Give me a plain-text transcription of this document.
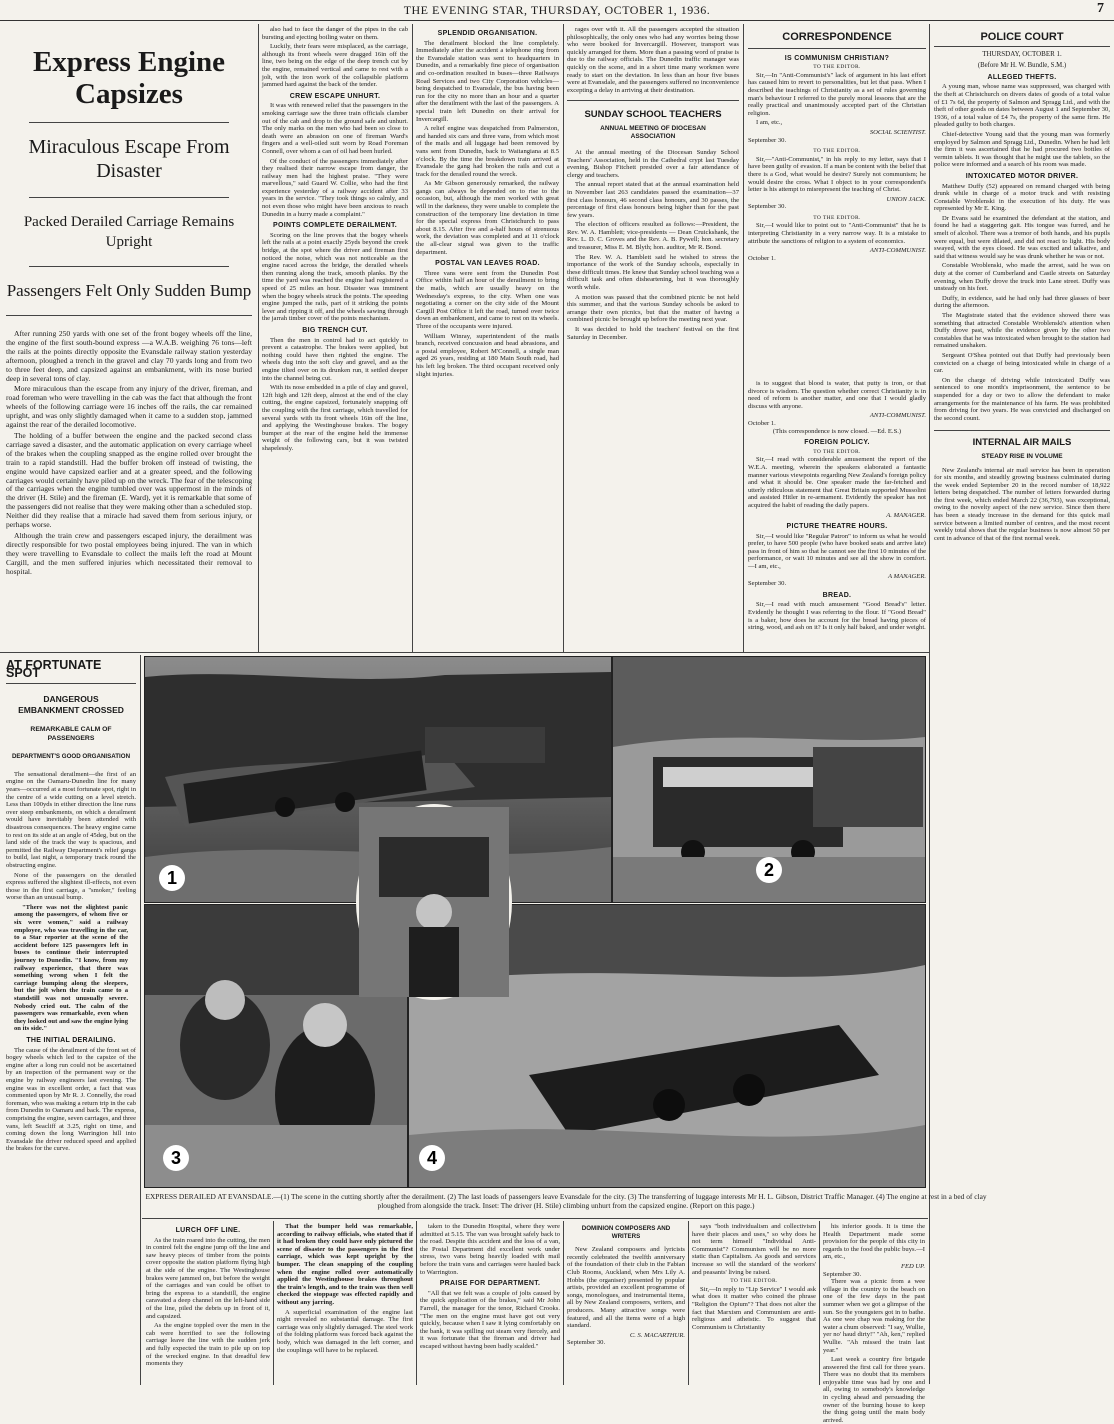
THE EVENING STAR, THURSDAY, OCTOBER 1, 1936.	7
Express Engine Capsizes
Miraculous Escape From Disaster
Packed Derailed Carriage Remains Upright
Passengers Felt Only Sudden Bump

After running 250 yards with one set of the front bogey wheels off the line, the engine of the first south-bound express —a W.A.B. weighing 76 tons—left the rails at the points directly opposite the Evansdale railway station yesterday afternoon, ploughed a trench in the gravel and clay 70 yards long and from two to three feet deep, and capsized against an embankment, with its nose buried deep in several tons of clay.

More miraculous than the escape from any injury of the driver, fireman, and road foreman who were travelling in the cab was the fact that although the front wheels of the following carriage were 16 inches off the rails, the car remained upright, and was only slightly damaged when it came to a sudden stop, jammed against the rear of the derailed locomotive.

The holding of a buffer between the engine and the packed second class carriage saved a disaster, and the automatic application on every carriage wheel of the brakes when the coupling snapped as the engine rolled over brought the train to a rapid standstill. Had the buffer broken off instead of twisting, the engine would have capsized earlier and at a greater speed, and the following carriages would certainly have piled up on the wreck. The fear of the telescoping of the carriages when the engine tumbled over was uppermost in the minds of the driver (H. Stile) and the fireman (E. Ward), yet it is remarkable that some of the passengers did not realise that they were making other than a scheduled stop. Neither did they realise that a miracle had saved them from serious injury, or perhaps worse.

Although the train crew and passengers escaped injury, the derailment was directly responsible for two postal employees being injured. The van in which they were travelling to Evansdale to collect the mails left the road at Mount Cargill, and the men suffered injuries which necessitated their removal to hospital.

also had to face the danger of the pipes in the cab bursting and ejecting boiling water on them.

Luckily, their fears were misplaced, as the carriage, although its front wheels were dragged 16in off the line, two being on the edge of the deep trench cut by the engine, remained vertical and came to rest with a jolt, with the iron work of the collapsible platform jammed hard against the back of the tender.

CREW ESCAPE UNHURT.

It was with renewed relief that the passengers in the smoking carriage saw the three train officials clamber out of the cab and drop to the ground safe and unhurt. The only marks on the men who had been so close to death were an abrasion on one of fireman Ward's fingers and a well-oiled suit worn by Road Foreman Connell, over whom a can of oil had been hurled.

Of the conduct of the passengers immediately after they realised their narrow escape from danger, the railway men had the highest praise. "They were marvellous," said Guard W. Collie, who had the first experience yesterday of a railway accident after 33 years in the service. "They took things so calmly, and not even those who might have been anxious to reach Dunedin in a hurry made a complaint."

POINTS COMPLETE DERAILMENT.

Scoring on the line proves that the bogey wheels left the rails at a point exactly 25yds beyond the creek bridge, at the spot where the driver and fireman first noticed the noise, which was not noticeable as the engine raced across the bridge, the derailed wheels then running along the track, smooth planks. By the time the yard was reached the engine had registered a speed of 25 miles an hour. Disaster was imminent when the bogey wheels struck the points. The speeding engine jumped the rails, part of it striking the points lever and ripping it off, and the wheels sawing through the jarrah timber cover of the points mechanism.

BIG TRENCH CUT.

Then the men in control had to act quickly to prevent a catastrophe. The brakes were applied, but nothing could have then righted the engine. The wheels dug into the soft clay and gravel, and as the engine tilted over on its drunken run, it settled deeper into the channel being cut.

With its nose embedded in a pile of clay and gravel, 12ft high and 12ft deep, almost at the end of the clay cutting, the engine capsized, fortunately snapping off the coupling with the first carriage, which travelled for several yards with its front wheels 16in off the line, and applying the Westinghouse brakes. The bogey bumper at the rear of the engine held the immense weight of the following cars, but it was twisted shapelessly.

SPLENDID ORGANISATION.

The derailment blocked the line completely. Immediately after the accident a telephone ring from the Evansdale station was sent to headquarters in Dunedin, and a remarkably fine piece of organisation and co-ordination resulted in buses—three Railways Road Services and two City Corporation vehicles—being despatched to Evansdale, the bus having been run for the city no more than an hour and a quarter after the derailment with the last of the passengers. A special train left Dunedin on their arrival for Invercargill.

A relief engine was despatched from Palmerston, and handed six cars and three vans, from which most of the mails and all luggage had been removed by vans sent from Dunedin, back to Waitangiana at 8.5 o'clock. By the time the breakdown train arrived at Evansdale the gang had broken the rails and cut a track for the derailed round the wreck.

As Mr Gibson generously remarked, the railway gangs can always be depended on to rise to the occasion, but, although the men worked with great will in the darkness, they were unable to complete the construction of the temporary line deviation in time for the special express from Christchurch to pass about 8.15. After five and a-half hours of strenuous work, the deviation was completed and at 11 o'clock the all-clear signal was given to the traffic department.

POSTAL VAN LEAVES ROAD.

Three vans were sent from the Dunedin Post Office within half an hour of the derailment to bring the mails, which are usually heavy on the Wednesday's express, to the city. When one was negotiating a corner on the city side of the Mount Cargill Post Office it left the road, turned over twice down an embankment, and came to rest on its wheels. Three of the occupants were injured.

William Winray, superintendent of the mails branch, received concussion and head abrasions, and a postal employee, Robert M'Connell, a single man aged 26 years, residing at 180 Main South road, had his left leg broken. The third occupant received only slight injuries.

rages over with it. All the passengers accepted the situation philosophically, the only ones who had any worries being those who were booked for Invercargill. However, transport was quickly arranged for them. More than a passing word of praise is due to the railway officials. The Dunedin traffic manager was quickly on the scene, and in a short time many workmen were ready to start on the deviation. In less than an hour five buses were at Evansdale, and the passengers suffered no inconvenience excepting a delay in arriving at their destination.

SUNDAY SCHOOL TEACHERS
ANNUAL MEETING OF DIOCESAN ASSOCIATION

At the annual meeting of the Diocesan Sunday School Teachers' Association, held in the Cathedral crypt last Tuesday evening, Bishop Fitchett presided over a fair attendance of clergy and teachers.

The annual report stated that at the annual examination held in November last 263 candidates passed the examination—37 first class honours, 46 second class honours, and 30 passes, the percentage of first class honours being higher than for the past few years.

The election of officers resulted as follows:—President, the Rev. W. A. Hamblett; vice-presidents — Dean Cruickshank, the Rev. L. D. C. Groves and the Rev. A. B. Pywell; hon. secretary and treasurer, Miss E. M. Blyth; hon. auditor, Mr R. Bond.

The Rev. W. A. Hamblett said he wished to stress the importance of the work of the Sunday schools, especially in these difficult times. He knew that Sunday school teaching was a difficult task and often disheartening, but it was thoroughly worth while.

A motion was passed that the combined picnic be not held this summer, and that the various Sunday schools be asked to arrange their own picnics, but that the matter of having a combined picnic be brought up before the meeting next year.

It was decided to hold the teachers' festival on the first Saturday in December.

CORRESPONDENCE
IS COMMUNISM CHRISTIAN?
TO THE EDITOR.

Sir,—In "Anti-Communist's" lack of argument in his last effort has caused him to revert to personalities, but let that pass. When I described the teachings of Christianity as a set of rules governing man's behaviour I referred to the purely moral lessons that are the really practical and unanimously accepted part of the Christian religion.

I am, etc.,

SOCIAL SCIENTIST.
September 30.
TO THE EDITOR.

Sir,—"Anti-Communist," in his reply to my letter, says that I have been guilty of evasion. If a man be content with the belief that there is a God, what would he desire? Surely not communism; he would desire the cross. What I object to in your correspondent's letter is his attempt to misrepresent the teaching of Christ.

UNION JACK.
September 30.
TO THE EDITOR.

Sir,—I would like to point out to "Anti-Communist" that he is interpreting Christianity in a very narrow way. It is a mistake to attribute the sanctions of religion to a system of economics.

ANTI-COMMUNIST.
October 1.
POLICE COURT
THURSDAY, OCTOBER 1.
(Before Mr H. W. Bundle, S.M.)
ALLEGED THEFTS.

A young man, whose name was suppressed, was charged with the theft at Christchurch on divers dates of goods of a total value of £1 7s 6d, the property of Salmon and Spragg Ltd., and with the theft of other goods on dates between August 1 and September 30, 1936, of a total value of £4 7s, the property of the same firm. He pleaded guilty to both charges.

Chief-detective Young said that the young man was formerly employed by Salmon and Spragg Ltd., Dunedin. When he had left the firm it was ascertained that he had procured two bottles of vermin tablets. It was thought that he might use the tablets, so the police were informed and a search of his room was made.

INTOXICATED MOTOR DRIVER.

Matthew Duffy (52) appeared on remand charged with being drunk while in charge of a motor truck and with resisting Constable Wroblenski in the execution of his duty. He was represented by Mr E. King.

Dr Evans said he examined the defendant at the station, and found he had a staggering gait. His tongue was furred, and he smelt of alcohol. There was a tremor of both hands, and his pupils were equal, but were dilated, and did not react to light. His body swayed, with the eyes closed. He was excited and talkative, and said that witness would say he was drunk whether he was or not.

Constable Wroblenski, who made the arrest, said he was on duty at the corner of Cumberland and Castle streets on Saturday evening, when Duffy drove the truck into Lane street. Duffy was unsteady on his feet.

Duffy, in evidence, said he had only had three glasses of beer during the afternoon.

The Magistrate stated that the evidence showed there was something that attracted Constable Wroblenski's attention when Duffy drove past, while the evidence given by the other two constables that he was intoxicated when brought to the station had remained unshaken.

Sergeant O'Shea pointed out that Duffy had previously been convicted on a charge of being intoxicated while in charge of a car.

On the charge of driving while intoxicated Duffy was sentenced to one month's imprisonment, the sentence to be suspended for a day or two to allow the defendant to make arrangements for the maintenance of his farm. He was prohibited from driving for two years. He was convicted and discharged on the second count.

INTERNAL AIR MAILS
STEADY RISE IN VOLUME

New Zealand's internal air mail service has been in operation for six months, and steadily growing business culminated during the week ended September 20 in the record number of 18,922 letters being despatched. The number of letters forwarded during the first week, which ended March 22 (36,793), was exceptional, owing to the novelty aspect of the new service. Since then there has been a steady increase in the demand for this quick mail service between a limited number of centres, and the most recent weekly total shows that the regular business is now almost 50 per cent in advance of that of the first normal week.

AT FORTUNATE SPOT
DANGEROUS EMBANKMENT CROSSED
REMARKABLE CALM OF PASSENGERS
DEPARTMENT'S GOOD ORGANISATION

The sensational derailment—the first of an engine on the Oamaru-Dunedin line for many years—occurred at a most fortunate spot, right in the centre of a wide cutting on a level stretch. Less than 100yds in either direction the line runs over steep embankments, on which a derailment would have inevitably been attended with disastrous consequences. The heavy engine came to rest on its side at an angle of 45deg, but on the land side of the track the way is spacious, and permitted the Railway Department's relief gangs to build, last night, a temporary track round the obstructing engine.

None of the passengers on the derailed express suffered the slightest ill-effects, not even those in the first carriage, a "smoker," feeling worse than an unusual bump.

"There was not the slightest panic among the passengers, of whom five or six were women," said a railway employee, who was travelling in the car, to a Star reporter at the scene of the accident before 125 passengers left in buses to continue their interrupted journey to Dunedin. "I know, from my railway experience, that there was something wrong when I felt the carriage bumping along the sleepers, but the jolt when the train came to a standstill was not unusually severe. Nobody cried out. The calm of the passengers was remarkable, even when they looked out and saw the engine lying on its side."

THE INITIAL DERAILING.

The cause of the derailment of the front set of bogey wheels which led to the capsize of the engine after a long run could not be ascertained by an inspection of the permanent way or the engine by railway engineers last evening. The engine was in excellent order, a fact that was commented upon by Mr R. J. Connelly, the road foreman, who was making a return trip in the cab from Dunedin to Oamaru and back. The express, comprising the engine, seven carriages, and three vans, left Seacliff at 3.25, right on time, and coming down the long Warrington hill into Evansdale the driver reduced speed and applied the brakes for the curve.

1	2
3	4
EXPRESS DERAILED AT EVANSDALE.—(1) The scene in the cutting shortly after the derailment. (2) The last loads of passengers leave Evansdale for the city. (3) The transferring of luggage interests Mr H. L. Gibson, District Traffic Manager. (4) The engine at rest in a bed of clay ploughed from alongside the track. Inset: The driver (H. Stile) climbing unhurt from the capsized engine. (Report on this page.)
LURCH OFF LINE.

As the train roared into the cutting, the men in control felt the engine jump off the line and saw heavy pieces of timber from the points cover opposite the station platform flying high at the side of the engine. The Westinghouse brakes were jammed on, but before the weight of the carriages and van could be offset to bring the express to a standstill, the engine caravated a deep channel on the left-hand side of the line, piled the debris up in front of it, and capsized.

As the engine toppled over the men in the cab were horrified to see the following carriage leave the line with the sudden jerk and fully expected the train to pile up on top of the wrecked engine. In that dreadful few moments they

That the bumper held was remarkable, according to railway officials, who stated that if it had broken they could have only pictured the scene of disaster to the passengers in the first carriage, which was kept upright by the bumper. The clean snapping of the coupling when the engine rolled over automatically applied the Westinghouse brakes throughout the train's length, and to the train was then well checked the stoppage was effected rapidly and without any jarring.

A superficial examination of the engine last night revealed no substantial damage. The first carriage was only slightly damaged. The steel work of the folding platform was forced back against the body, which was damaged in the left corner, and the couplings will have to be replaced.

taken to the Dunedin Hospital, where they were admitted at 5.15. The van was brought safely back to the road. Despite this accident and the loss of a van, the Postal Department did excellent work under stress, two vans being heavily loaded with mail before the train vans and carriages were hauled back to Warrington.

PRAISE FOR DEPARTMENT.

"All that we felt was a couple of jolts caused by the quick application of the brakes," said Mr John Farrell, the manager for the tenor, Richard Crooks. "The men on the engine must have got out very quickly, because when I saw it lying comfortably on the bank, it was spilling out steam very fiercely, and it was fortunate that the fireman and driver had escaped without having been badly scalded."

DOMINION COMPOSERS AND WRITERS

New Zealand composers and lyricists recently celebrated the twelfth anniversary of the foundation of their club in the Fabian Club Rooms, Auckland, when Mrs Lily A. Hobbs (the organiser) presented by popular artists, provided an excellent programme of songs, monologues, and instrumental items, all by New Zealand composers, writers, and producers. Many attractive songs were featured, and all the items were of a high standard.

C. S. MACARTHUR.
September 30.

says "both individualism and collectivism have their places and uses," so why does he not term himself "Individual Anti-Communist"? Communism will be no more static than Capitalism. As goods and services increase so will the standard of the workers' and peasants' living be raised.

TO THE EDITOR.

Sir,—In reply to "Lip Service" I would ask what does it matter who coined the phrase "Religion the Opium"? That does not alter the fact that Marxism and Communism are anti-religious and atheistic. To suggest that Communism is Christianity

his inferior goods. It is time the Health Department made some provision for the people of this city in regards to the food the public buys.—I am, etc.,

FED UP.
September 30.

There was a picnic from a wee village in the country to the beach on one of the few days in the past summer when we got a glimpse of the sun. So the youngsters got in to bathe. As one wee chap was making for the water a chum observed: "I say, Wullie, yer no' haud dirty!" "Ah, ken," replied Wullie. "Ah missed the train last year."

Last week a country fire brigade answered the first call for three years. There was no doubt that its members enjoyable time was had by one and all, owing to somebody's knowledge in cycling ahead and persuading the owner of the burning house to keep the thing going until the main body arrived.

is to suggest that blood is water, that putty is iron, or that divorce is wisdom. The question whether correct Christianity is in need of reform is another matter, and one that I would gladly discuss with anyone.

ANTI-COMMUNIST.
October 1.
(This correspondence is now closed. —Ed. E.S.)
FOREIGN POLICY.
TO THE EDITOR.

Sir,—I read with considerable amusement the report of the W.E.A. meeting, wherein the speakers elaborated a fantastic manner various viewpoints regarding New Zealand's foreign policy and what it should be. One speaker made the far-fetched and utterly ridiculous statement that Great Britain supported Mussolini and assisted Hitler in re-armament. Evidently the speaker has not acquired the habit of reading the daily papers.

A. MANAGER.
PICTURE THEATRE HOURS.

Sir,—I would like "Regular Patron" to inform us what he would prefer, to have 500 people (who have booked seats and arrive late) pass in front of him so that he cannot see the first 10 minutes of the performance, or wait 10 minutes and see all the show in comfort.—I am, etc.,

A MANAGER.
September 30.
BREAD.

Sir,—I read with much amusement "Good Bread's" letter. Evidently he thought I was referring to the flour. If "Good Bread" is a baker, how does he account for the bread having pieces of string, wood, and ash on it? Is it only half baked, and under weight.
